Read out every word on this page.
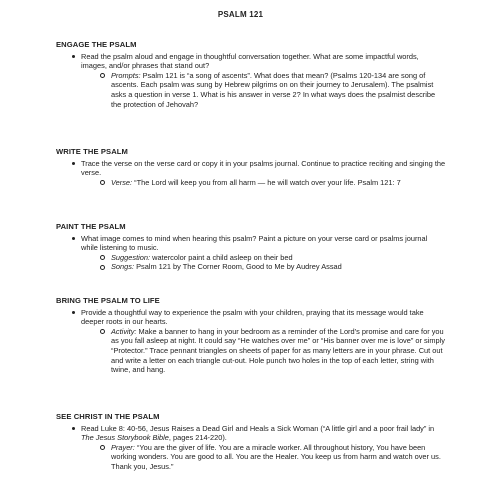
PSALM 121
ENGAGE THE PSALM
Read the psalm aloud and engage in thoughtful conversation together. What are some impactful words, images, and/or phrases that stand out?
Prompts: Psalm 121 is “a song of ascents”. What does that mean? (Psalms 120-134 are song of ascents. Each psalm was sung by Hebrew pilgrims on on their journey to Jerusalem). The psalmist asks a question in verse 1. What is his answer in verse 2? In what ways does the psalmist describe the protection of Jehovah?
WRITE THE PSALM
Trace the verse on the verse card or copy it in your psalms journal. Continue to practice reciting and singing the verse.
Verse: “The Lord will keep you from all harm — he will watch over your life. Psalm 121: 7
PAINT THE PSALM
What image comes to mind when hearing this psalm? Paint a picture on your verse card or psalms journal while listening to music.
Suggestion: watercolor paint a child asleep on their bed
Songs: Psalm 121 by The Corner Room, Good to Me by Audrey Assad
BRING THE PSALM TO LIFE
Provide a thoughtful way to experience the psalm with your children, praying that its message would take deeper roots in our hearts.
Activity: Make a banner to hang in your bedroom as a reminder of the Lord’s promise and care for you as you fall asleep at night. It could say “He watches over me” or “His banner over me is love” or simply “Protector.” Trace pennant triangles on sheets of paper for as many letters are in your phrase. Cut out and write a letter on each triangle cut-out. Hole punch two holes in the top of each letter, string with twine, and hang.
SEE CHRIST IN THE PSALM
Read Luke 8: 40-56, Jesus Raises a Dead Girl and Heals a Sick Woman (“A little girl and a poor frail lady” in The Jesus Storybook Bible, pages 214-220).
Prayer: “You are the giver of life. You are a miracle worker. All throughout history, You have been working wonders. You are good to all. You are the Healer. You keep us from harm and watch over us. Thank you, Jesus.”
